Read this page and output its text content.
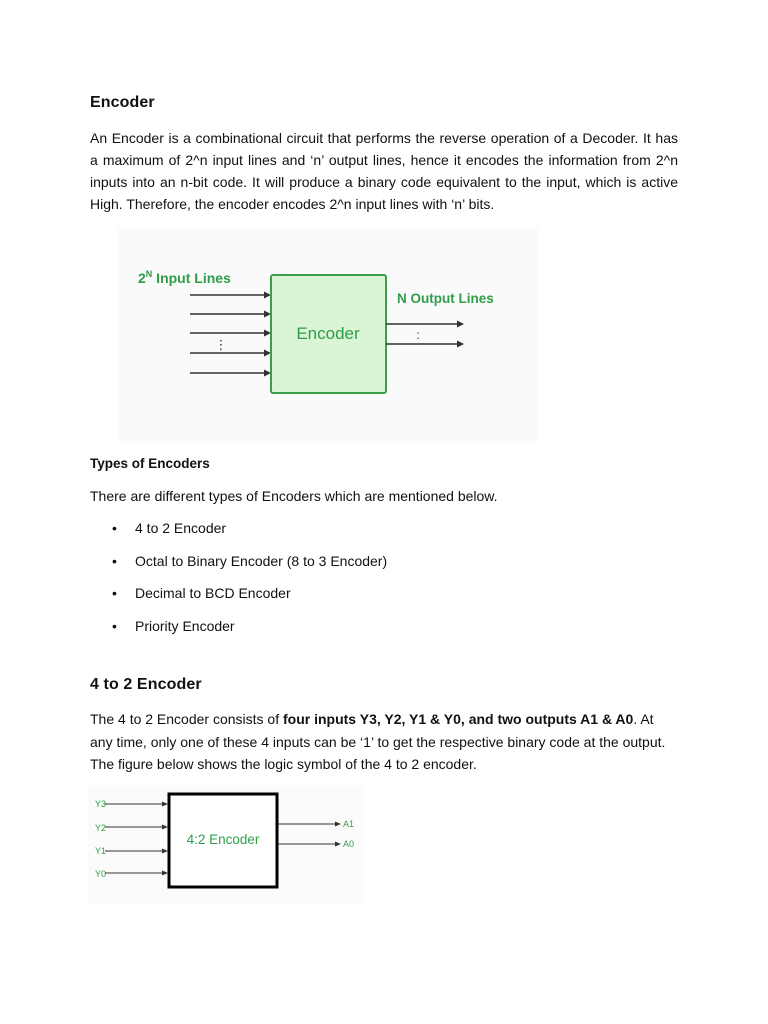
Encoder

An Encoder is a combinational circuit that performs the reverse operation of a Decoder. It has a maximum of 2^n input lines and ‘n’ output lines, hence it encodes the information from 2^n inputs into an n-bit code. It will produce a binary code equivalent to the input, which is active High. Therefore, the encoder encodes 2^n input lines with ‘n’ bits.

$2^N$ Input Lines
⋮
Encoder
N Output Lines
:
Types of Encoders

There are different types of Encoders which are mentioned below.

• 4 to 2 Encoder
• Octal to Binary Encoder (8 to 3 Encoder)
• Decimal to BCD Encoder
• Priority Encoder
4 to 2 Encoder

The 4 to 2 Encoder consists of four inputs Y3, Y2, Y1 & Y0, and two outputs A1 & A0. At any time, only one of these 4 inputs can be ‘1’ to get the respective binary code at the output. The figure below shows the logic symbol of the 4 to 2 encoder.

Y3
Y2
Y1
Y0
4:2 Encoder
A1
A0
